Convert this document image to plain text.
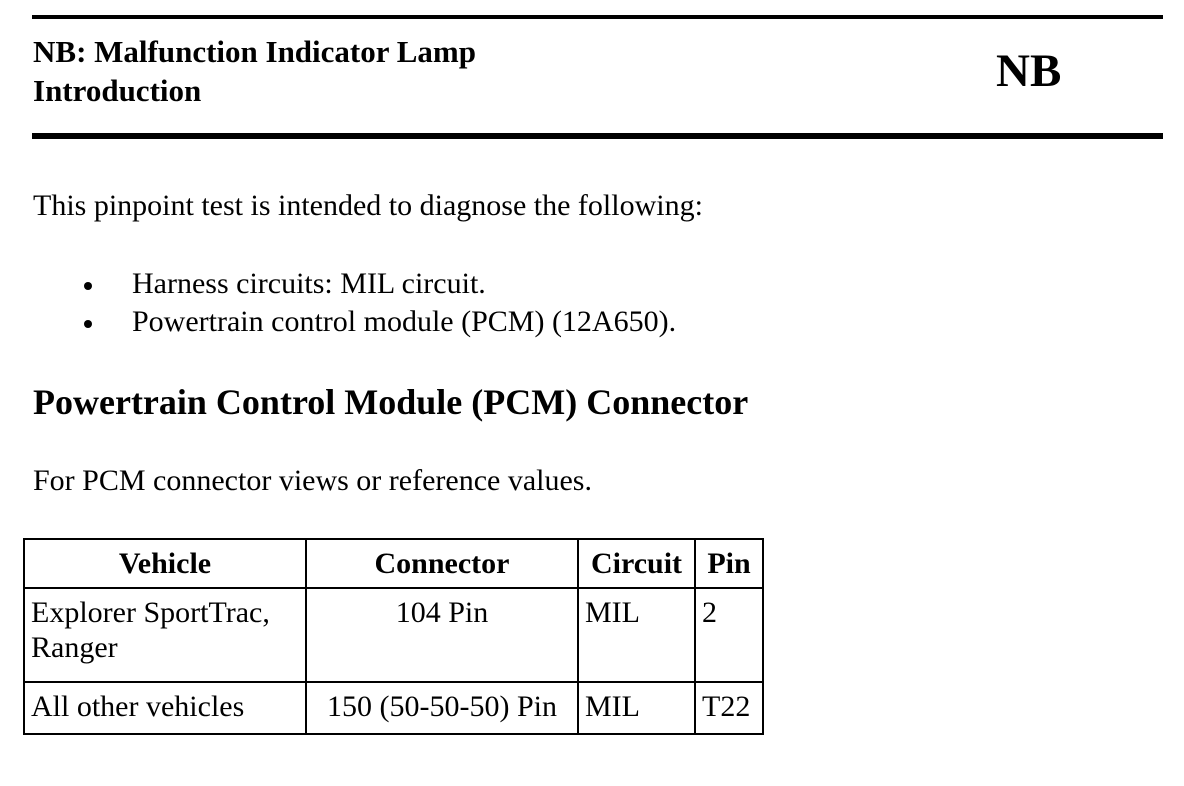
NB: Malfunction Indicator Lamp
Introduction	NB
This pinpoint test is intended to diagnose the following:
Harness circuits: MIL circuit.
Powertrain control module (PCM) (12A650).
Powertrain Control Module (PCM) Connector
For PCM connector views or reference values.
Vehicle	Connector	Circuit	Pin
Explorer SportTrac, Ranger	104 Pin	MIL	2
All other vehicles	150 (50-50-50) Pin	MIL	T22
